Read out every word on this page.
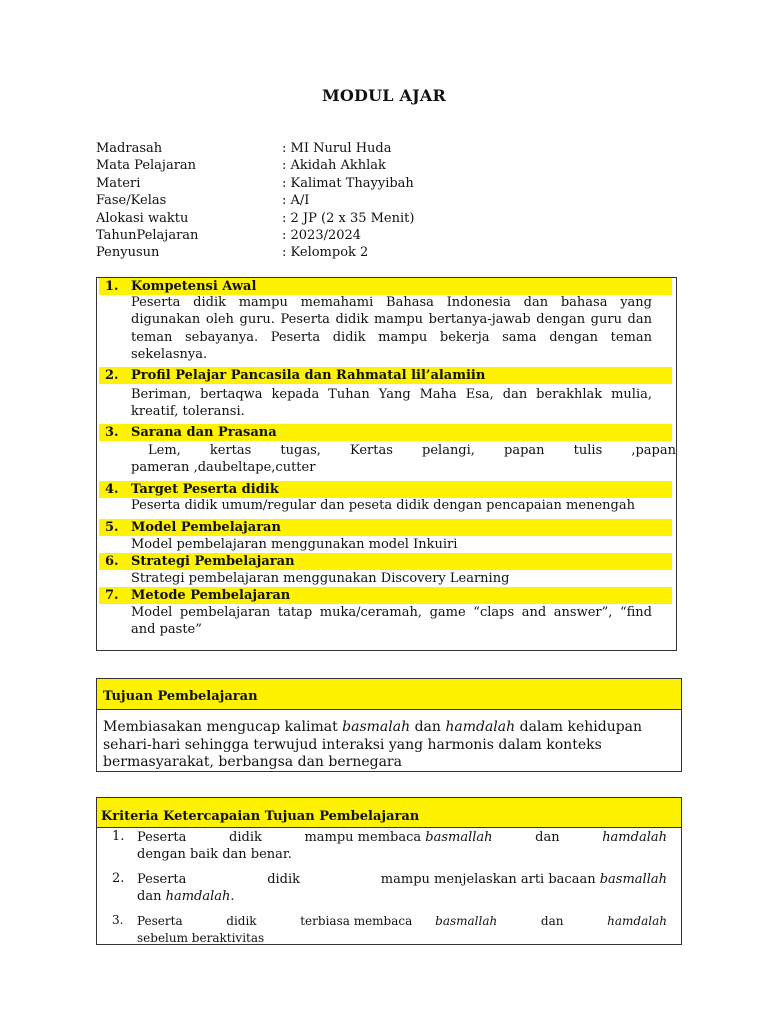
MODUL AJAR
Madrasah	: MI Nurul Huda
Mata Pelajaran	: Akidah Akhlak
Materi	: Kalimat Thayyibah
Fase/Kelas	: A/I
Alokasi waktu	: 2 JP (2 x 35 Menit)
TahunPelajaran	: 2023/2024
Penyusun	: Kelompok 2
1. Kompetensi Awal
Peserta didik mampu memahami Bahasa Indonesia dan bahasa yang digunakan oleh guru. Peserta didik mampu bertanya-jawab dengan guru dan teman sebayanya. Peserta didik mampu bekerja sama dengan teman sekelasnya.
2. Profil Pelajar Pancasila dan Rahmatal lil’alamiin
Beriman, bertaqwa kepada Tuhan Yang Maha Esa, dan berakhlak mulia, kreatif, toleransi.
3. Sarana dan Prasana
Lem, kertas tugas, Kertas pelangi, papan tulis ,papan
pameran ,daubeltape,cutter
4. Target Peserta didik
Peserta didik umum/regular dan peseta didik dengan pencapaian menengah
5. Model Pembelajaran
Model pembelajaran menggunakan model Inkuiri
6. Strategi Pembelajaran
Strategi pembelajaran menggunakan Discovery Learning
7. Metode Pembelajaran
Model pembelajaran tatap muka/ceramah, game “claps and answer”, “find and paste”
Tujuan Pembelajaran

Membiasakan mengucap kalimat basmalah dan hamdalah dalam kehidupan sehari-hari sehingga terwujud interaksi yang harmonis dalam konteks bermasyarakat, berbangsa dan bernegara

Kriteria Ketercapaian Tujuan Pembelajaran
1. Peserta	didik	mampu membaca basmallah	dan	hamdalah
dengan baik dan benar.
2. Peserta	didik	mampu menjelaskan arti bacaan basmallah
dan hamdalah.
3. Peserta	didik	terbiasa membaca basmallah	dan	hamdalah
sebelum beraktivitas
